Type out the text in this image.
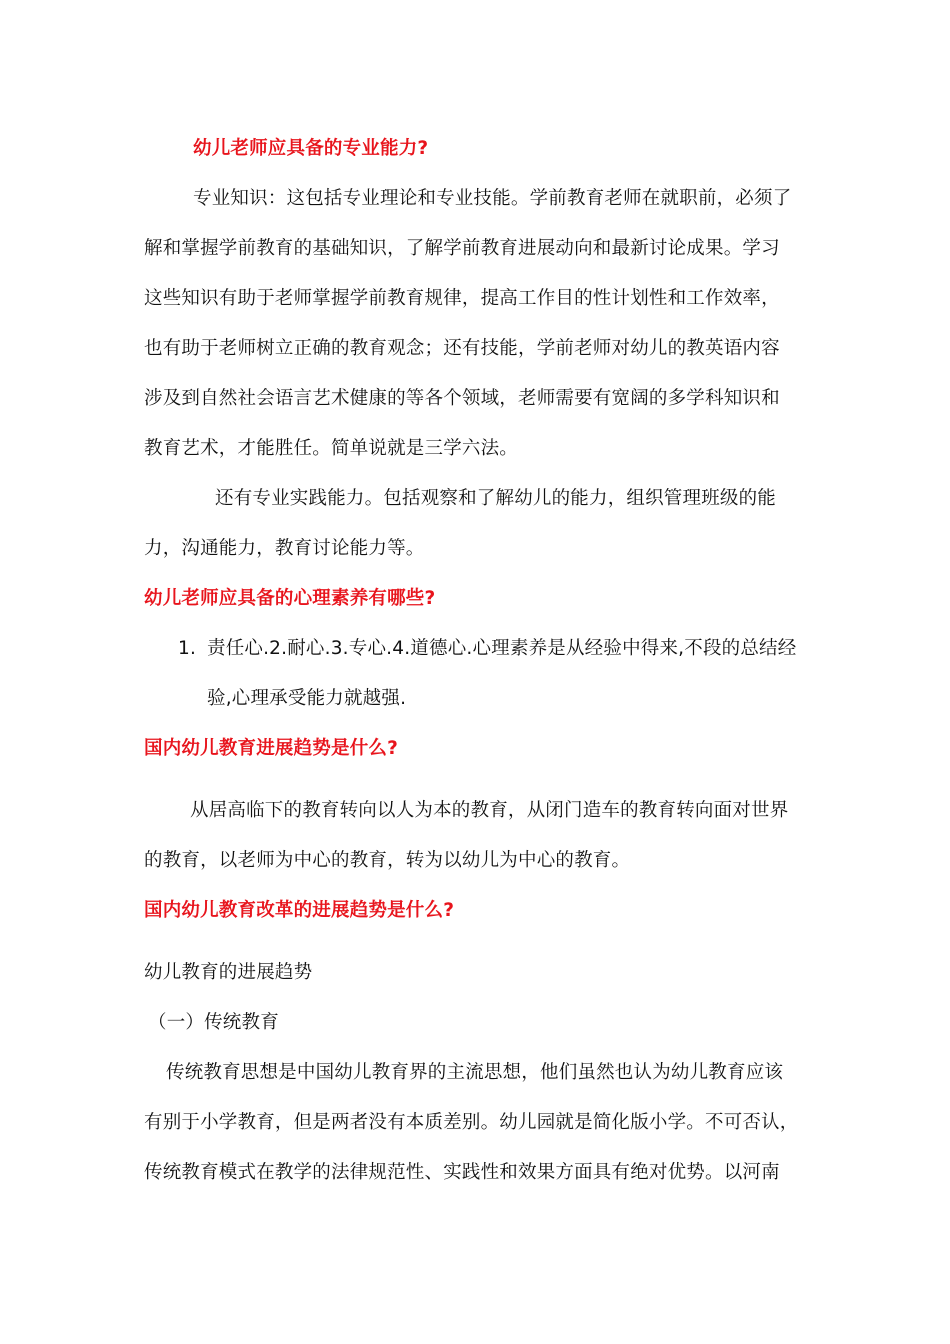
幼儿老师应具备的专业能力?
专业知识：这包括专业理论和专业技能。学前教育老师在就职前，必须了
解和掌握学前教育的基础知识，了解学前教育进展动向和最新讨论成果。学习
这些知识有助于老师掌握学前教育规律，提高工作目的性计划性和工作效率，
也有助于老师树立正确的教育观念；还有技能，学前老师对幼儿的教英语内容
涉及到自然社会语言艺术健康的等各个领域，老师需要有宽阔的多学科知识和
教育艺术，才能胜任。简单说就是三学六法。
还有专业实践能力。包括观察和了解幼儿的能力，组织管理班级的能
力，沟通能力，教育讨论能力等。
幼儿老师应具备的心理素养有哪些?
1. 责任心.2.耐心.3.专心.4.道德心.心理素养是从经验中得来,不段的总结经
验,心理承受能力就越强.
国内幼儿教育进展趋势是什么?
从居高临下的教育转向以人为本的教育，从闭门造车的教育转向面对世界
的教育，以老师为中心的教育，转为以幼儿为中心的教育。
国内幼儿教育改革的进展趋势是什么?
幼儿教育的进展趋势
（一）传统教育
传统教育思想是中国幼儿教育界的主流思想，他们虽然也认为幼儿教育应该
有别于小学教育，但是两者没有本质差别。幼儿园就是简化版小学。不可否认，
传统教育模式在教学的法律规范性、实践性和效果方面具有绝对优势。以河南
